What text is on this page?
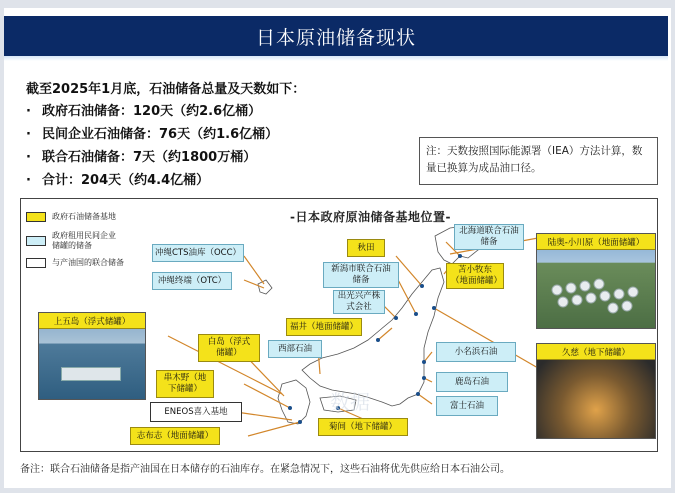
日本原油储备现状
截至2025年1月底，石油储备总量及天数如下：
· 政府石油储备：120天（约2.6亿桶）
· 民间企业石油储备：76天（约1.6亿桶）
· 联合石油储备：7天（约1800万桶）
· 合计：204天（约4.4亿桶）
注：天数按照国际能源署（IEA）方法计算，数量已换算为成品油口径。
-日本政府原油储备基地位置-
政府石油储备基地
政府租用民间企业储罐的储备
与产油国的联合储备
冲绳CTS油库（OCC）
冲绳终端（OTC）
新潟市联合石油储备
出光兴产株式会社
北海道联合石油储备
西部石油	小名浜石油
鹿岛石油
富士石油
秋田
苫小牧东（地面储罐）
福井（地面储罐）
白岛（浮式储罐）
串木野（地下储罐）
志布志（地面储罐）
菊间（地下储罐）
ENEOS喜入基地
上五岛（浮式储罐）
陆奥-小川原（地面储罐）
久慈（地下储罐）
数据
备注：联合石油储备是指产油国在日本储存的石油库存。在紧急情况下，这些石油将优先供应给日本石油公司。
